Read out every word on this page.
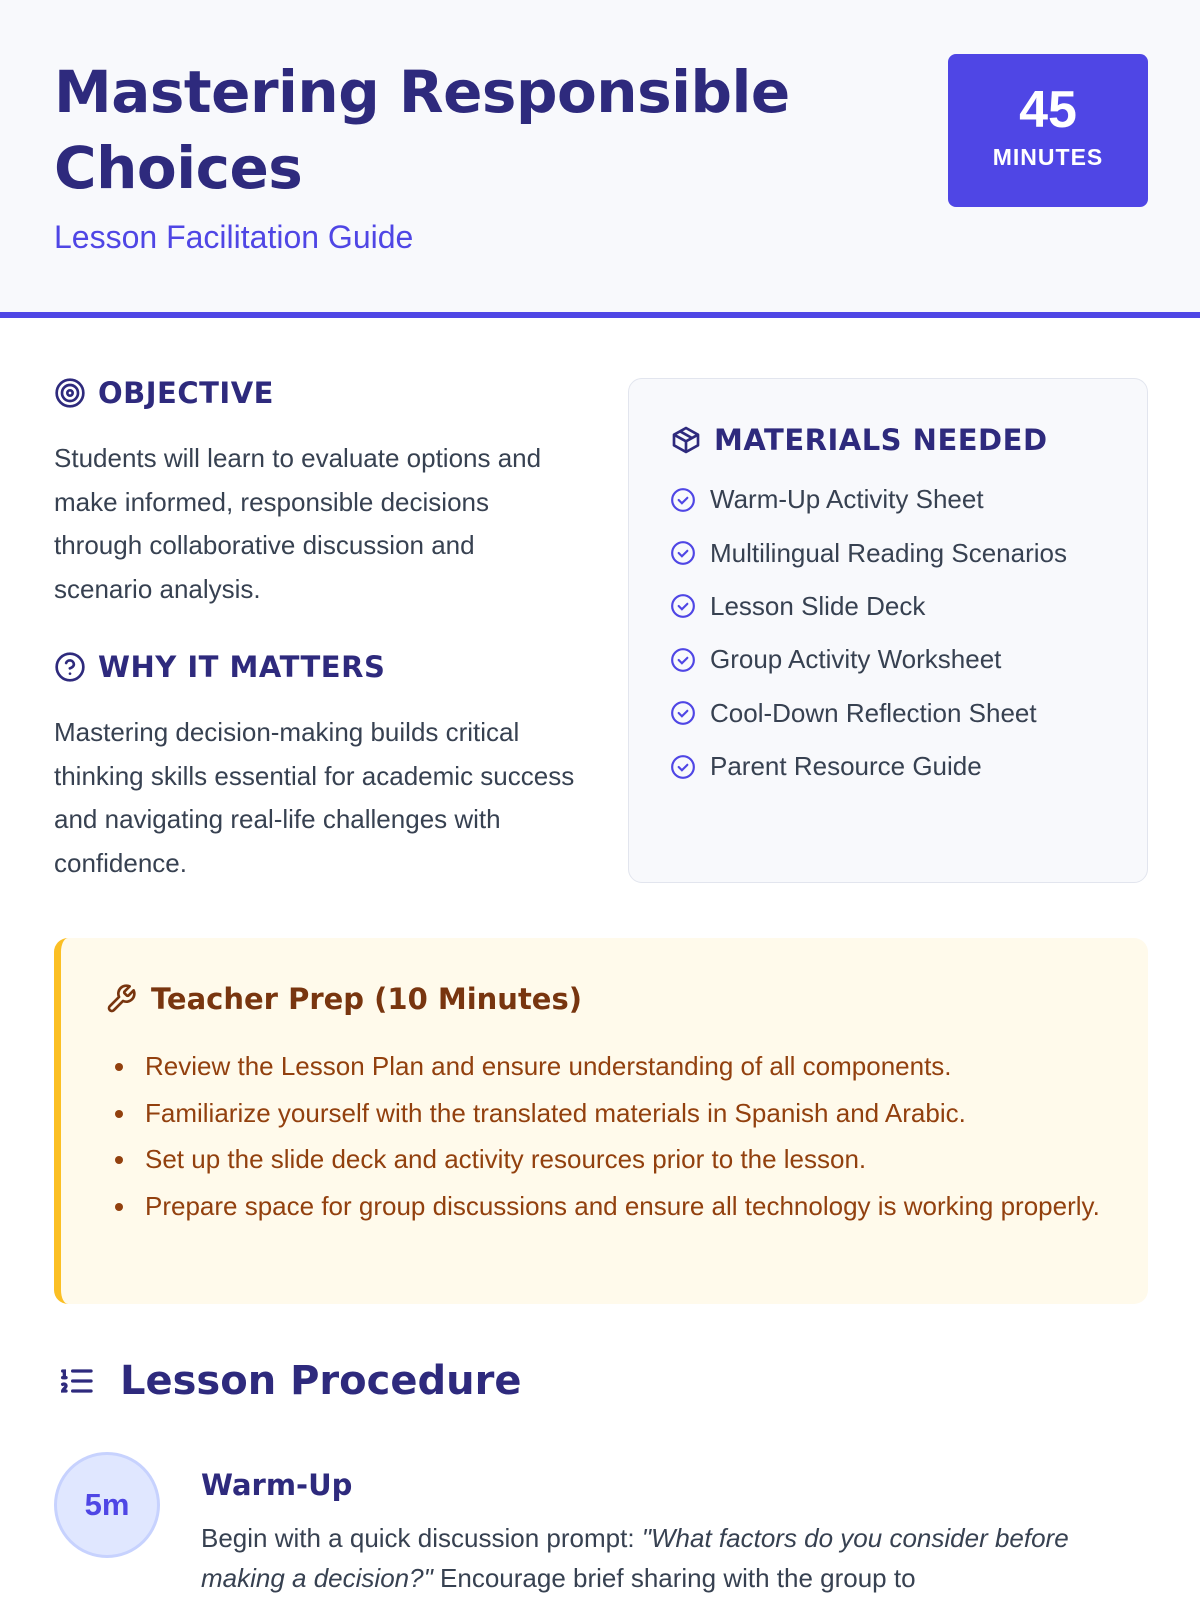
Mastering Responsible Choices
Lesson Facilitation Guide
45
MINUTES
OBJECTIVE

Students will learn to evaluate options and make informed, responsible decisions through collaborative discussion and scenario analysis.

WHY IT MATTERS

Mastering decision-making builds critical thinking skills essential for academic success and navigating real-life challenges with confidence.

MATERIALS NEEDED
Warm-Up Activity Sheet
Multilingual Reading Scenarios
Lesson Slide Deck
Group Activity Worksheet
Cool-Down Reflection Sheet
Parent Resource Guide
Teacher Prep (10 Minutes)
Review the Lesson Plan and ensure understanding of all components.
Familiarize yourself with the translated materials in Spanish and Arabic.
Set up the slide deck and activity resources prior to the lesson.
Prepare space for group discussions and ensure all technology is working properly.
Lesson Procedure
5m
Warm-Up

Begin with a quick discussion prompt: "What factors do you consider before making a decision?" Encourage brief sharing with the group to
